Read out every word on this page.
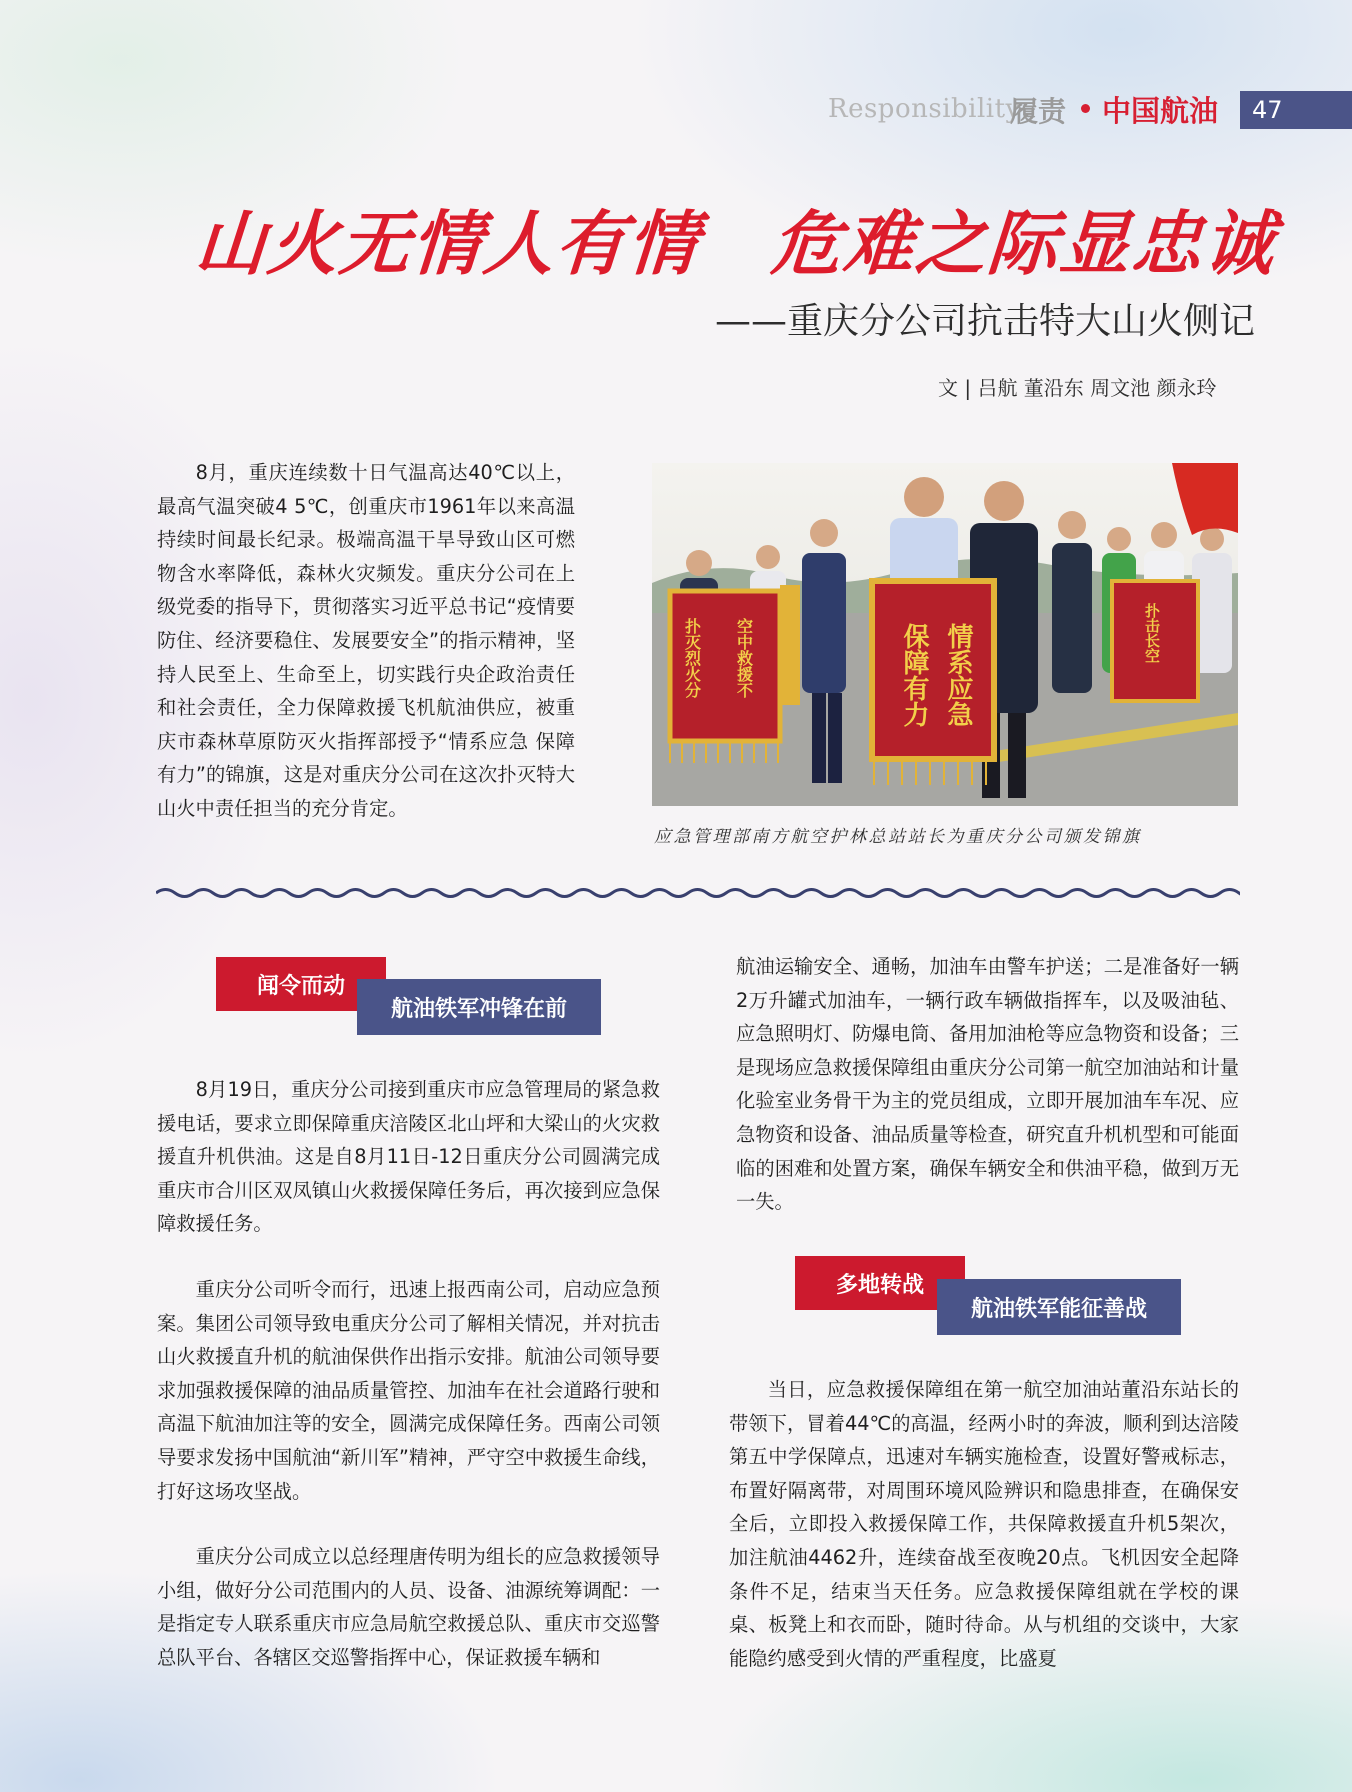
Responsibility
履责 中国航油 47
山火无情人有情　危难之际显忠诚
——重庆分公司抗击特大山火侧记
文 | 吕航 董沿东 周文池 颜永玲

8月，重庆连续数十日气温高达40℃以上，最高气温突破4 5℃，创重庆市1961年以来高温持续时间最长纪录。极端高温干旱导致山区可燃物含水率降低，森林火灾频发。重庆分公司在上级党委的指导下，贯彻落实习近平总书记“疫情要防住、经济要稳住、发展要安全”的指示精神，坚持人民至上、生命至上，切实践行央企政治责任和社会责任，全力保障救援飞机航油供应，被重庆市森林草原防灭火指挥部授予“情系应急 保障有力”的锦旗，这是对重庆分公司在这次扑灭特大山火中责任担当的充分肯定。

扑灭烈火分 空中救援不	保障有力 情系应急	扑击长空
应急管理部南方航空护林总站站长为重庆分公司颁发锦旗
闻令而动
航油铁军冲锋在前

8月19日，重庆分公司接到重庆市应急管理局的紧急救援电话，要求立即保障重庆涪陵区北山坪和大梁山的火灾救援直升机供油。这是自8月11日-12日重庆分公司圆满完成重庆市合川区双凤镇山火救援保障任务后，再次接到应急保障救援任务。

重庆分公司听令而行，迅速上报西南公司，启动应急预案。集团公司领导致电重庆分公司了解相关情况，并对抗击山火救援直升机的航油保供作出指示安排。航油公司领导要求加强救援保障的油品质量管控、加油车在社会道路行驶和高温下航油加注等的安全，圆满完成保障任务。西南公司领导要求发扬中国航油“新川军”精神，严守空中救援生命线，打好这场攻坚战。

重庆分公司成立以总经理唐传明为组长的应急救援领导小组，做好分公司范围内的人员、设备、油源统筹调配：一是指定专人联系重庆市应急局航空救援总队、重庆市交巡警总队平台、各辖区交巡警指挥中心，保证救援车辆和

航油运输安全、通畅，加油车由警车护送；二是准备好一辆2万升罐式加油车，一辆行政车辆做指挥车，以及吸油毡、应急照明灯、防爆电筒、备用加油枪等应急物资和设备；三是现场应急救援保障组由重庆分公司第一航空加油站和计量化验室业务骨干为主的党员组成，立即开展加油车车况、应急物资和设备、油品质量等检查，研究直升机机型和可能面临的困难和处置方案，确保车辆安全和供油平稳，做到万无一失。

多地转战
航油铁军能征善战

当日，应急救援保障组在第一航空加油站董沿东站长的带领下，冒着44℃的高温，经两小时的奔波，顺利到达涪陵第五中学保障点，迅速对车辆实施检查，设置好警戒标志，布置好隔离带，对周围环境风险辨识和隐患排查，在确保安全后，立即投入救援保障工作，共保障救援直升机5架次，加注航油4462升，连续奋战至夜晚20点。飞机因安全起降条件不足，结束当天任务。应急救援保障组就在学校的课桌、板凳上和衣而卧，随时待命。从与机组的交谈中，大家能隐约感受到火情的严重程度，比盛夏
